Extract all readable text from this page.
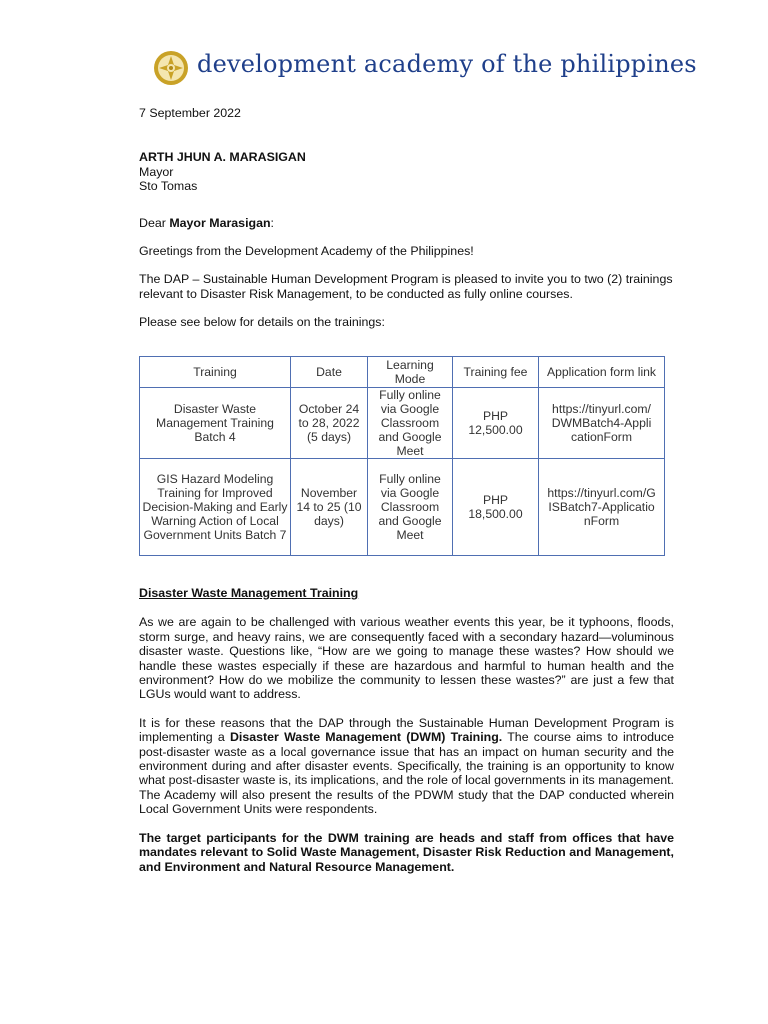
development academy of the philippines

7 September 2022

ARTH JHUN A. MARASIGAN

Mayor

Sto Tomas

Dear Mayor Marasigan:

Greetings from the Development Academy of the Philippines!

The DAP – Sustainable Human Development Program is pleased to invite you to two (2) trainings relevant to Disaster Risk Management, to be conducted as fully online courses.

Please see below for details on the trainings:

Training	Date	Learning Mode	Training fee	Application form link

Disaster Waste Management Training Batch 4	October 24 to 28, 2022 (5 days)	Fully online via Google Classroom and Google Meet	PHP 12,500.00	https://tinyurl.com/DWMBatch4-ApplicationForm

GIS Hazard Modeling Training for Improved Decision-Making and Early Warning Action of Local Government Units Batch 7	November 14 to 25 (10 days)	Fully online via Google Classroom and Google Meet	PHP 18,500.00	https://tinyurl.com/GISBatch7-ApplicationForm

Disaster Waste Management Training

As we are again to be challenged with various weather events this year, be it typhoons, floods, storm surge, and heavy rains, we are consequently faced with a secondary hazard—voluminous disaster waste. Questions like, “How are we going to manage these wastes? How should we handle these wastes especially if these are hazardous and harmful to human health and the environment? How do we mobilize the community to lessen these wastes?” are just a few that LGUs would want to address.

It is for these reasons that the DAP through the Sustainable Human Development Program is implementing a Disaster Waste Management (DWM) Training. The course aims to introduce post-disaster waste as a local governance issue that has an impact on human security and the environment during and after disaster events. Specifically, the training is an opportunity to know what post-disaster waste is, its implications, and the role of local governments in its management. The Academy will also present the results of the PDWM study that the DAP conducted wherein Local Government Units were respondents.

The target participants for the DWM training are heads and staff from offices that have mandates relevant to Solid Waste Management, Disaster Risk Reduction and Management, and Environment and Natural Resource Management.
